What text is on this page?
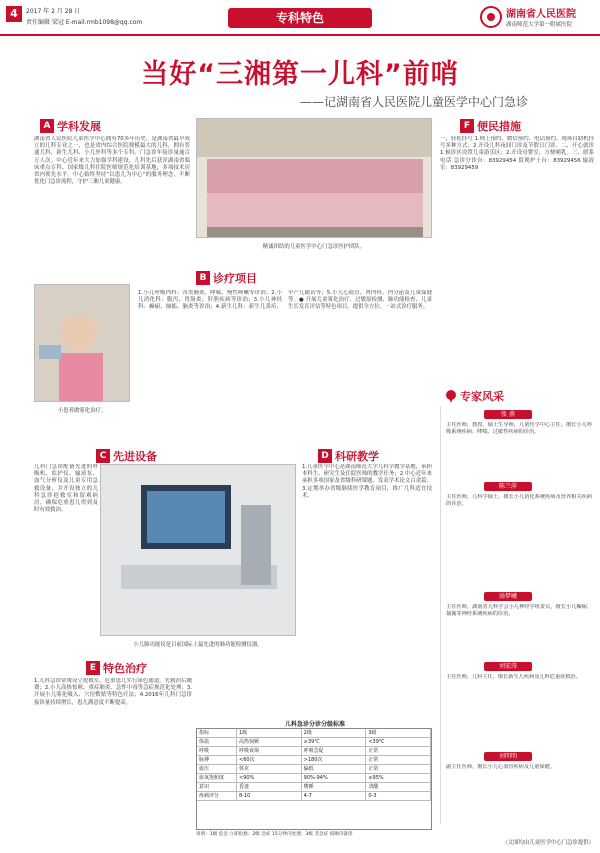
4	2017 年 2 月 28 日
责任编辑 梁冠 E-mail:rmb1098@qq.com	专科特色	湖南省人民医院
湖南师范大学第一附属医院
当好“三湘第一儿科”前哨
——记湖南省人民医院儿童医学中心门急诊
A 学科发展
湖南省人民医院儿童医学中心拥有70多年历史，是湖南省最早成立的儿科专业之一，也是省内综合医院规模最大的儿科，拥有普通儿科、新生儿科、小儿外科等多个专科，门急诊年接诊量逾百万人次。中心近年来大力加强学科建设，儿科先后获评湖南省临床重点专科、国家级儿科住院医师规范化培训基地，多项技术居省内领先水平。中心始终坚持“以患儿为中心”的服务理念，不断优化门急诊流程，守护三湘儿童健康。
精诚团结的儿童医学中心门急诊医护团队。
F 便民措施
一、轻松挂号 1.网上预约、微信预约、电话预约、现场自助机挂号多种方式；2.开设儿科夜间门诊及节假日门诊。二、开心就诊 1.候诊区设置儿童游乐区；2.开设母婴室，方便哺乳。三、联系电话 急诊分诊台：83929454 留观护士台：83929456 输液室：83929459
小患者做雾化治疗。
B 诊疗项目
1.小儿呼吸内科：各类肺炎、哮喘、慢性咳嗽等诊治；2.小儿消化科：腹泻、胃肠炎、肝胆疾病等诊治；3.小儿神经科：癫痫、抽搐、脑炎等诊治；4.新生儿科：新生儿黄疸、早产儿随访等；5.小儿心血管、肾内科、内分泌及儿童保健等。● 开展儿童雾化治疗、过敏原检测、肺功能检查、儿童生长发育评估等特色项目，提供全方位、一站式诊疗服务。
C 先进设备
儿科门急诊配备先进的呼吸机、监护仪、输液泵、血气分析仪及儿童专用急救设备，并开设独立的儿科急诊抢救室和留观病房，确保危重患儿得到及时有效救治。
小儿肺功能仪是目前国际上最先进的肺功能检测仪器。
D 科研教学
1.儿童医学中心是湖南师范大学儿科学教学基地，承担本科生、研究生及住院医师的教学任务；2.中心近年来承担多项国家及省级科研课题，发表学术论文百余篇；3.定期举办省级继续医学教育项目，推广儿科适宜技术。
E 特色治疗
1.儿科急诊常规设立抢救室，危重患儿实行绿色通道，先救治后缴费；2.小儿高热惊厥、重症肺炎、急性中毒等急症规范化处理；3.开展小儿雾化吸入、穴位敷贴等特色疗法；4.2016年儿科门急诊接诊量持续增长，患儿满意度不断提高。
儿科急诊分诊分级标准
指标	1级	2级	3级
体温	高热惊厥	≥39℃	<39℃
呼吸	呼吸衰竭	呼吸急促	正常
脉搏	<60次	>180次	正常
血压	休克	偏低	正常
血氧饱和度	<90%	90%-94%	≥95%
意识	昏迷	嗜睡	清醒
疼痛评分	8-10	4-7	0-3
说明：1级 危急 立即抢救；2级 急症 15分钟内处理；3级 非急症 按顺序就诊
专家风采
张 燕
主任医师，教授，硕士生导师，儿童医学中心主任。擅长小儿呼吸系统疾病、哮喘、过敏性疾病的诊治。
陈兰萍
主任医师，儿科学硕士，擅长小儿消化系统疾病及营养相关疾病的诊治。
汤梦曦
主任医师，湖南省儿科学会小儿神经学组委员，擅长小儿癫痫、抽搐等神经系统疾病的诊治。
刘宏涛
主任医师，儿科主任，擅长新生儿疾病及儿科危重症救治。
刘明明
副主任医师，擅长小儿心血管疾病及儿童保健。
（文图均由儿童医学中心门急诊提供）
